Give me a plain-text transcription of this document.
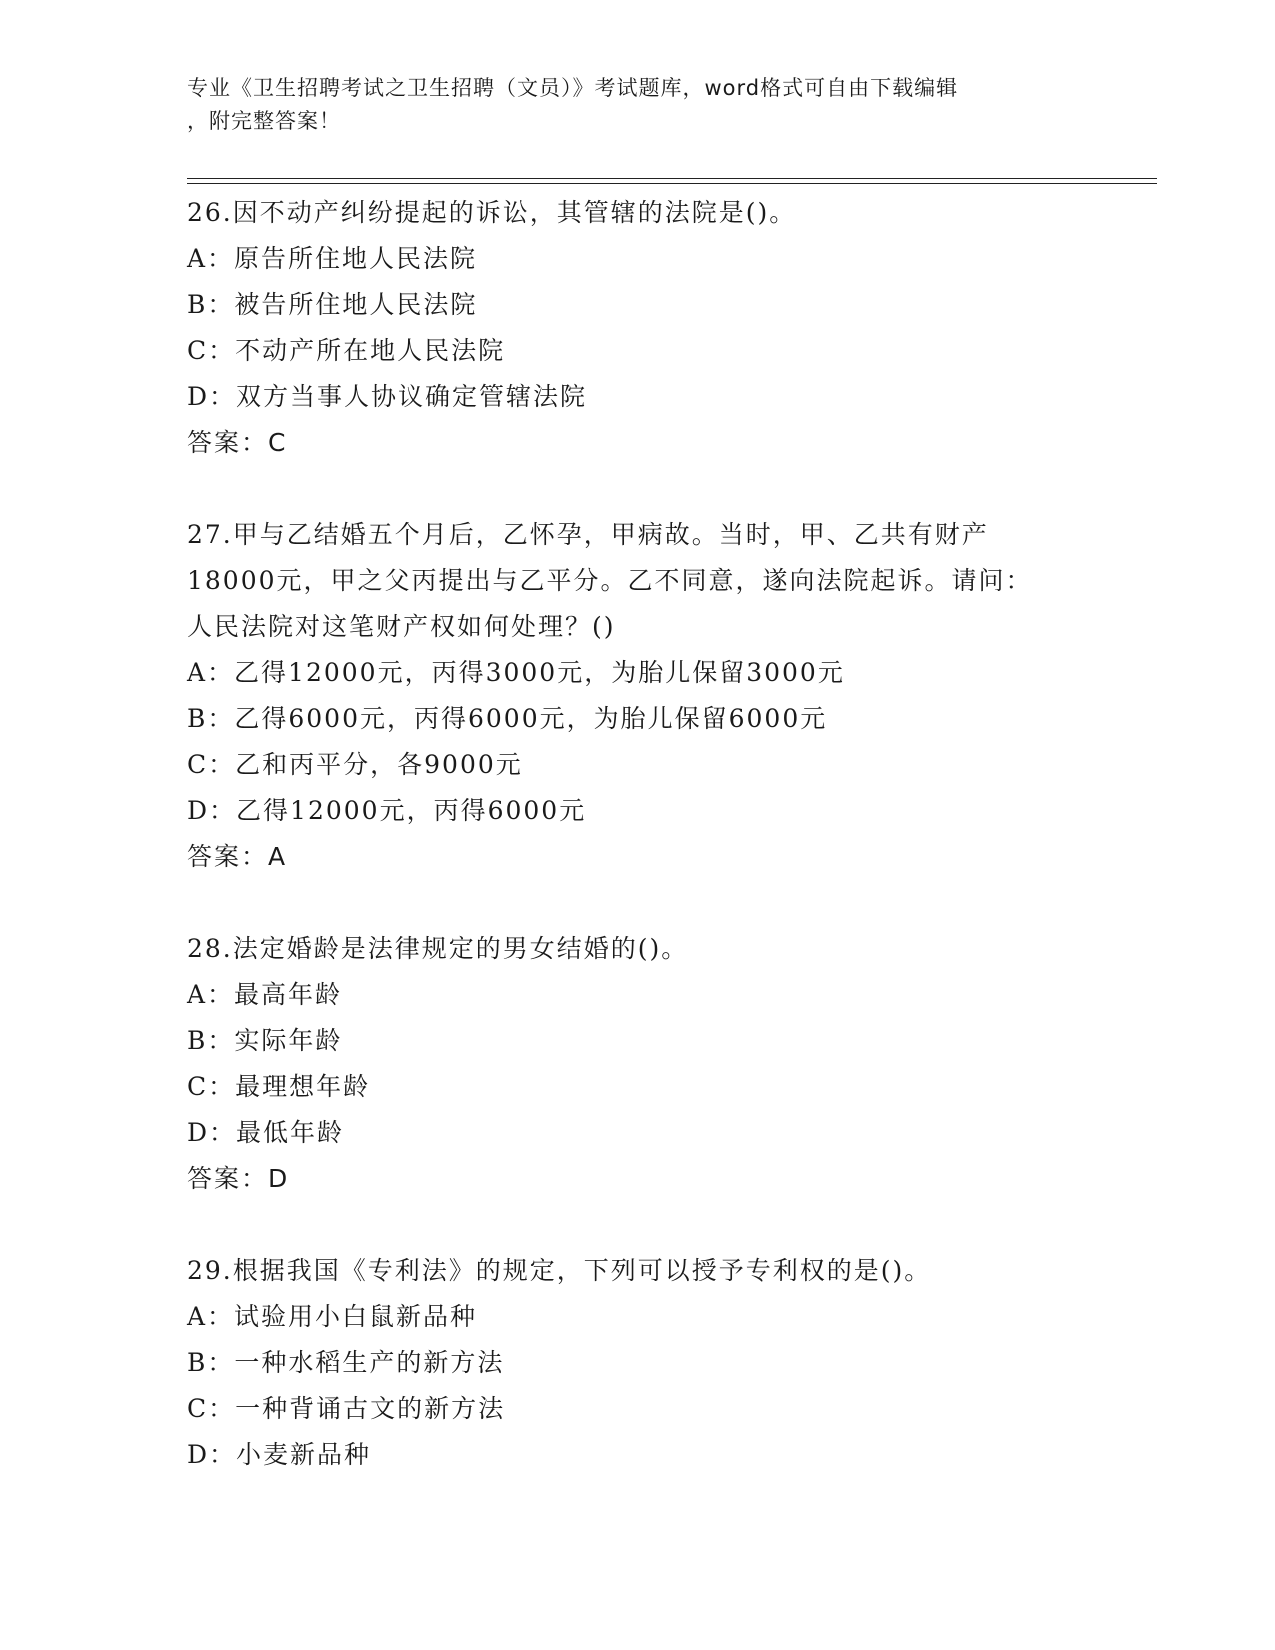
专业《卫生招聘考试之卫生招聘（文员）》考试题库，word格式可自由下载编辑
，附完整答案！
26.因不动产纠纷提起的诉讼，其管辖的法院是()。
A：原告所住地人民法院
B：被告所住地人民法院
C：不动产所在地人民法院
D：双方当事人协议确定管辖法院
答案：C
27.甲与乙结婚五个月后，乙怀孕，甲病故。当时，甲、乙共有财产
18000元，甲之父丙提出与乙平分。乙不同意，遂向法院起诉。请问：
人民法院对这笔财产权如何处理？()
A：乙得12000元，丙得3000元，为胎儿保留3000元
B：乙得6000元，丙得6000元，为胎儿保留6000元
C：乙和丙平分，各9000元
D：乙得12000元，丙得6000元
答案：A
28.法定婚龄是法律规定的男女结婚的()。
A：最高年龄
B：实际年龄
C：最理想年龄
D：最低年龄
答案：D
29.根据我国《专利法》的规定，下列可以授予专利权的是()。
A：试验用小白鼠新品种
B：一种水稻生产的新方法
C：一种背诵古文的新方法
D：小麦新品种
